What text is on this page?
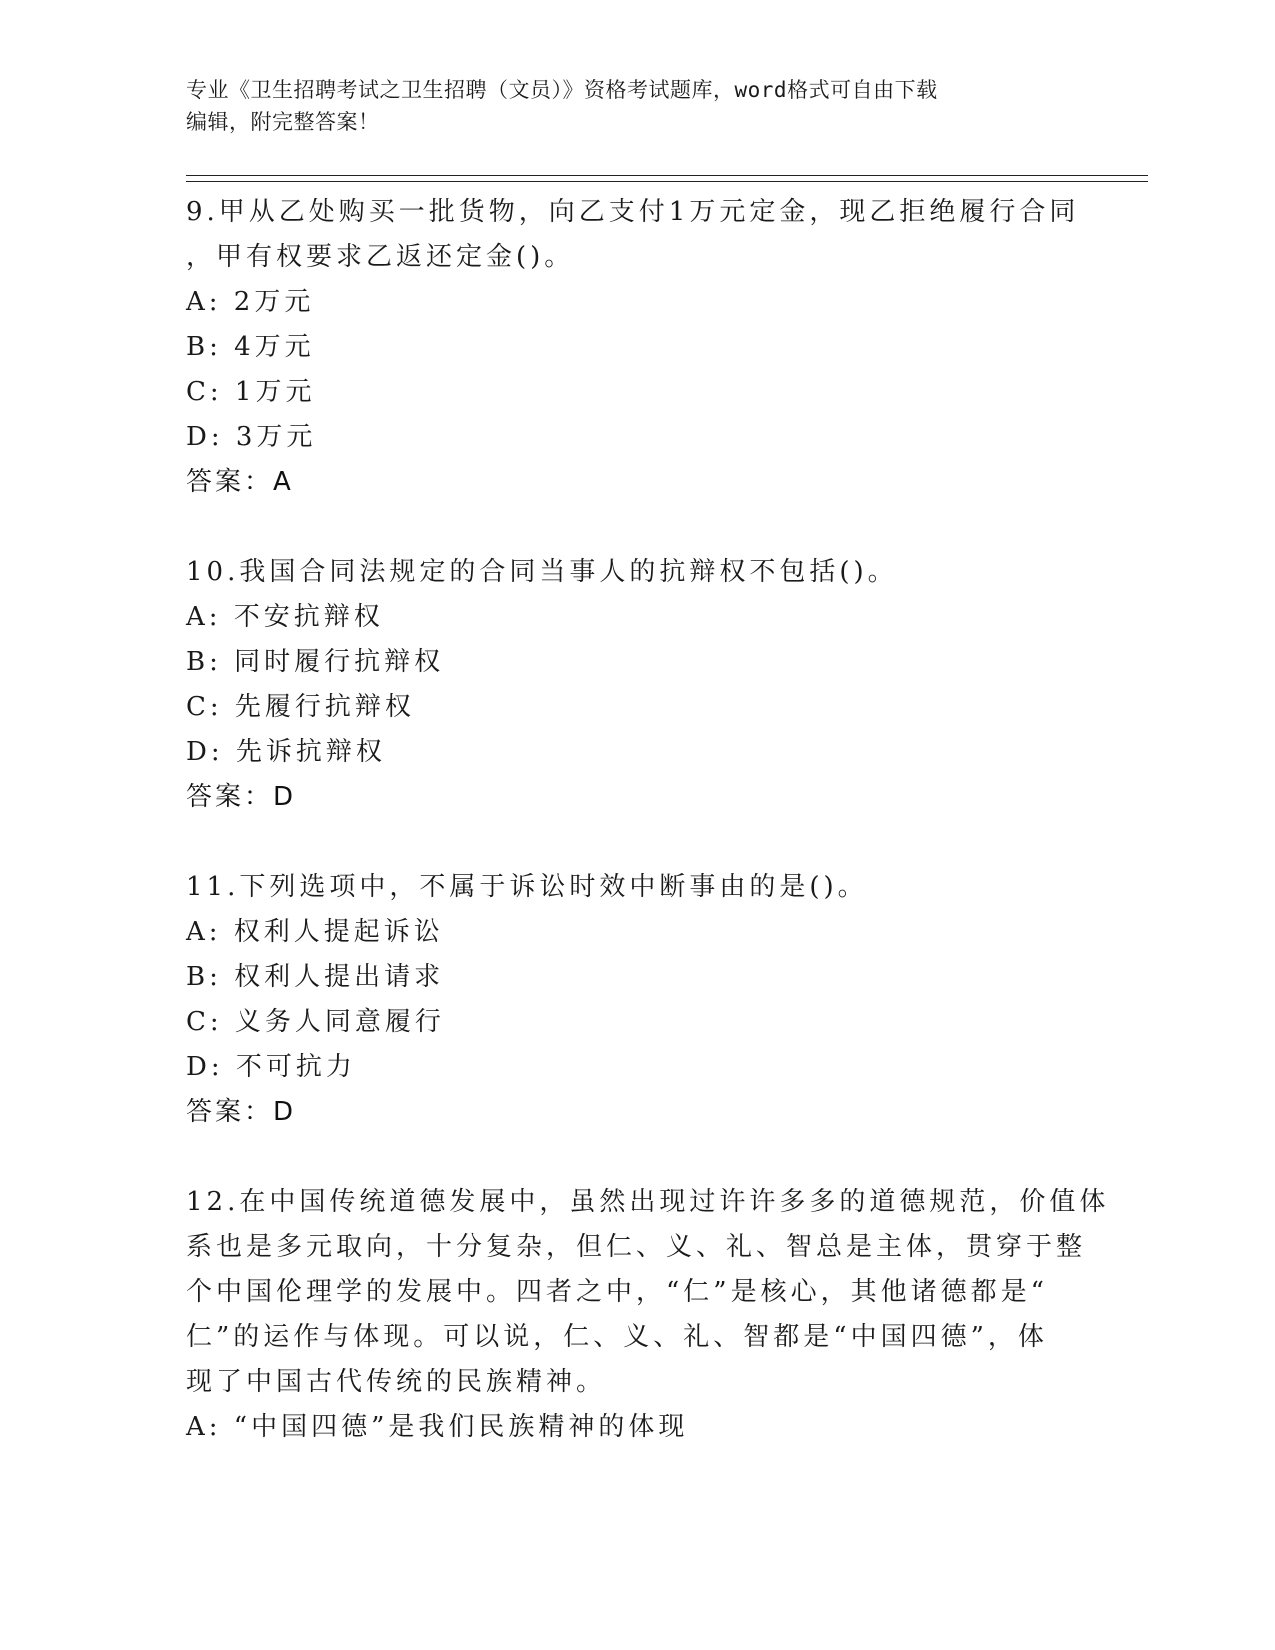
专业《卫生招聘考试之卫生招聘（文员）》资格考试题库，word格式可自由下载
编辑，附完整答案！
9.甲从乙处购买一批货物，向乙支付1万元定金，现乙拒绝履行合同
，甲有权要求乙返还定金()。
A: 2万元
B: 4万元
C: 1万元
D: 3万元
答案：A
10.我国合同法规定的合同当事人的抗辩权不包括()。
A: 不安抗辩权
B: 同时履行抗辩权
C: 先履行抗辩权
D: 先诉抗辩权
答案：D
11.下列选项中，不属于诉讼时效中断事由的是()。
A: 权利人提起诉讼
B: 权利人提出请求
C: 义务人同意履行
D: 不可抗力
答案：D
12.在中国传统道德发展中，虽然出现过许许多多的道德规范，价值体
系也是多元取向，十分复杂，但仁、义、礼、智总是主体，贯穿于整
个中国伦理学的发展中。四者之中，“仁”是核心，其他诸德都是“
仁”的运作与体现。可以说，仁、义、礼、智都是“中国四德”，体
现了中国古代传统的民族精神。
A: “中国四德”是我们民族精神的体现
